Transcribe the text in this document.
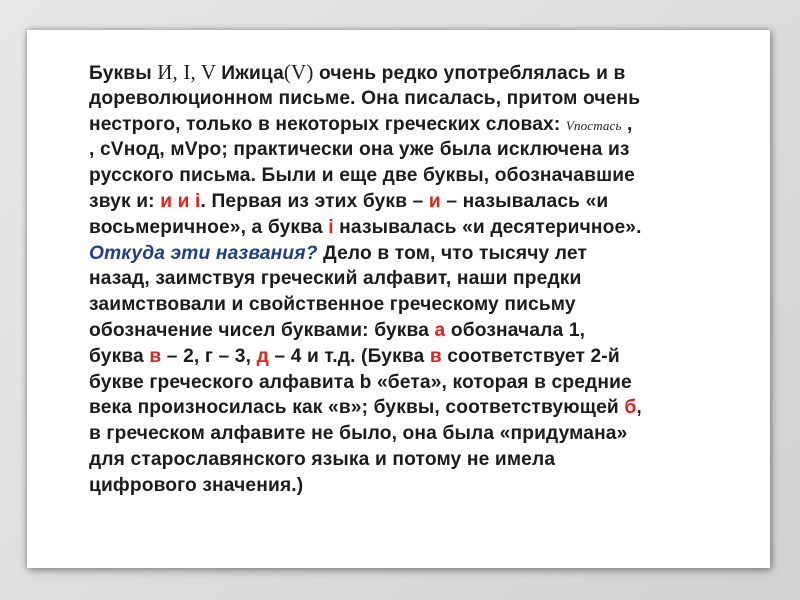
Буквы И, I, V Ижица(V) очень редко употреблялась и в
дореволюционном письме. Она писалась, притом очень
нестрого, только в некоторых греческих словах: Vпостась ,
, сVнод, мVро; практически она уже была исключена из
русского письма. Были и еще две буквы, обозначавшие
звук и: и и і. Первая из этих букв – и – называлась «и
восьмеричное», а буква і называлась «и десятеричное».
Откуда эти названия? Дело в том, что тысячу лет
назад, заимствуя греческий алфавит, наши предки
заимствовали и свойственное греческому письму
обозначение чисел буквами: буква а обозначала 1,
буква в – 2, г – 3, д – 4 и т.д. (Буква в соответствует 2-й
букве греческого алфавита b «бета», которая в средние
века произносилась как «в»; буквы, соответствующей б,
в греческом алфавите не было, она была «придумана»
для старославянского языка и потому не имела
цифрового значения.)
